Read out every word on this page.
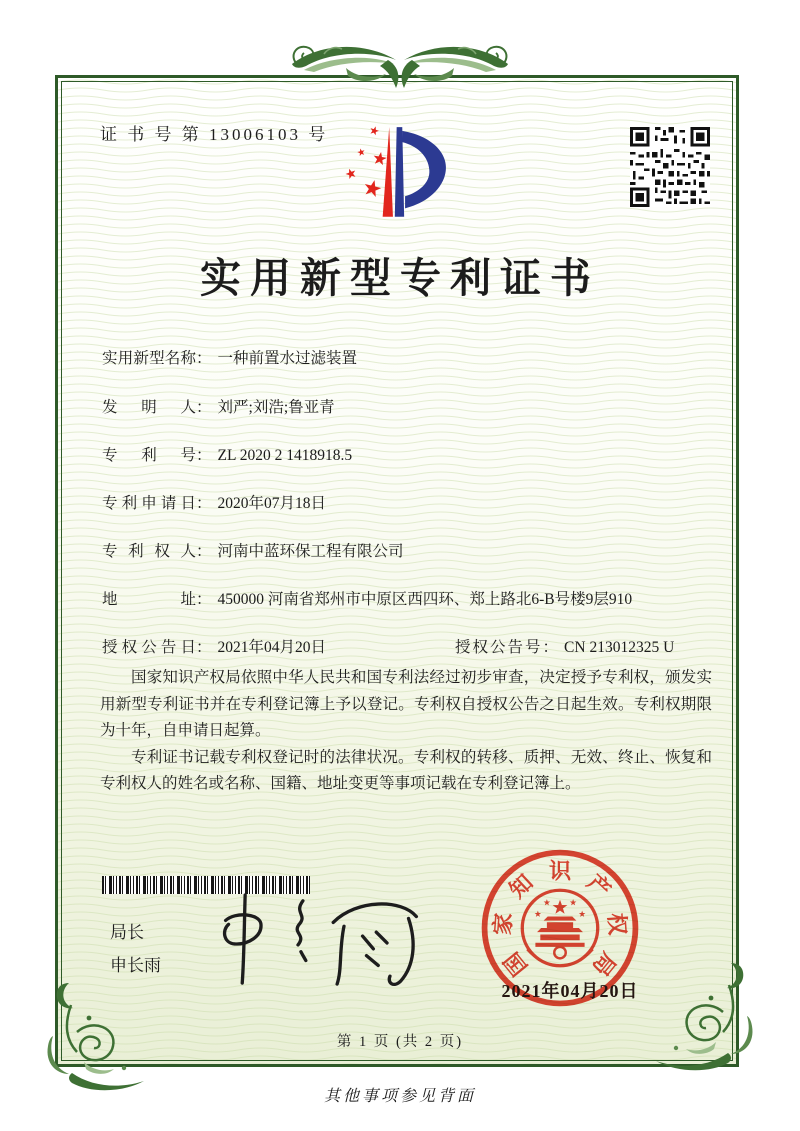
证 书 号 第 13006103 号
实用新型专利证书
实用新型名称： 一种前置水过滤装置
发明人： 刘严;刘浩;鲁亚青
专利号： ZL 2020 2 1418918.5
专利申请日： 2020年07月18日
专利权人： 河南中蓝环保工程有限公司
地址： 450000 河南省郑州市中原区西四环、郑上路北6-B号楼9层910
授权公告日： 2021年04月20日	授权公告号： CN 213012325 U

国家知识产权局依照中华人民共和国专利法经过初步审查，决定授予专利权，颁发实用新型专利证书并在专利登记簿上予以登记。专利权自授权公告之日起生效。专利权期限为十年，自申请日起算。

专利证书记载专利权登记时的法律状况。专利权的转移、质押、无效、终止、恢复和专利权人的姓名或名称、国籍、地址变更等事项记载在专利登记簿上。

局长
申长雨	国
家
知 识 产
权
局
2021年04月20日
第 1 页 (共 2 页)
其他事项参见背面
